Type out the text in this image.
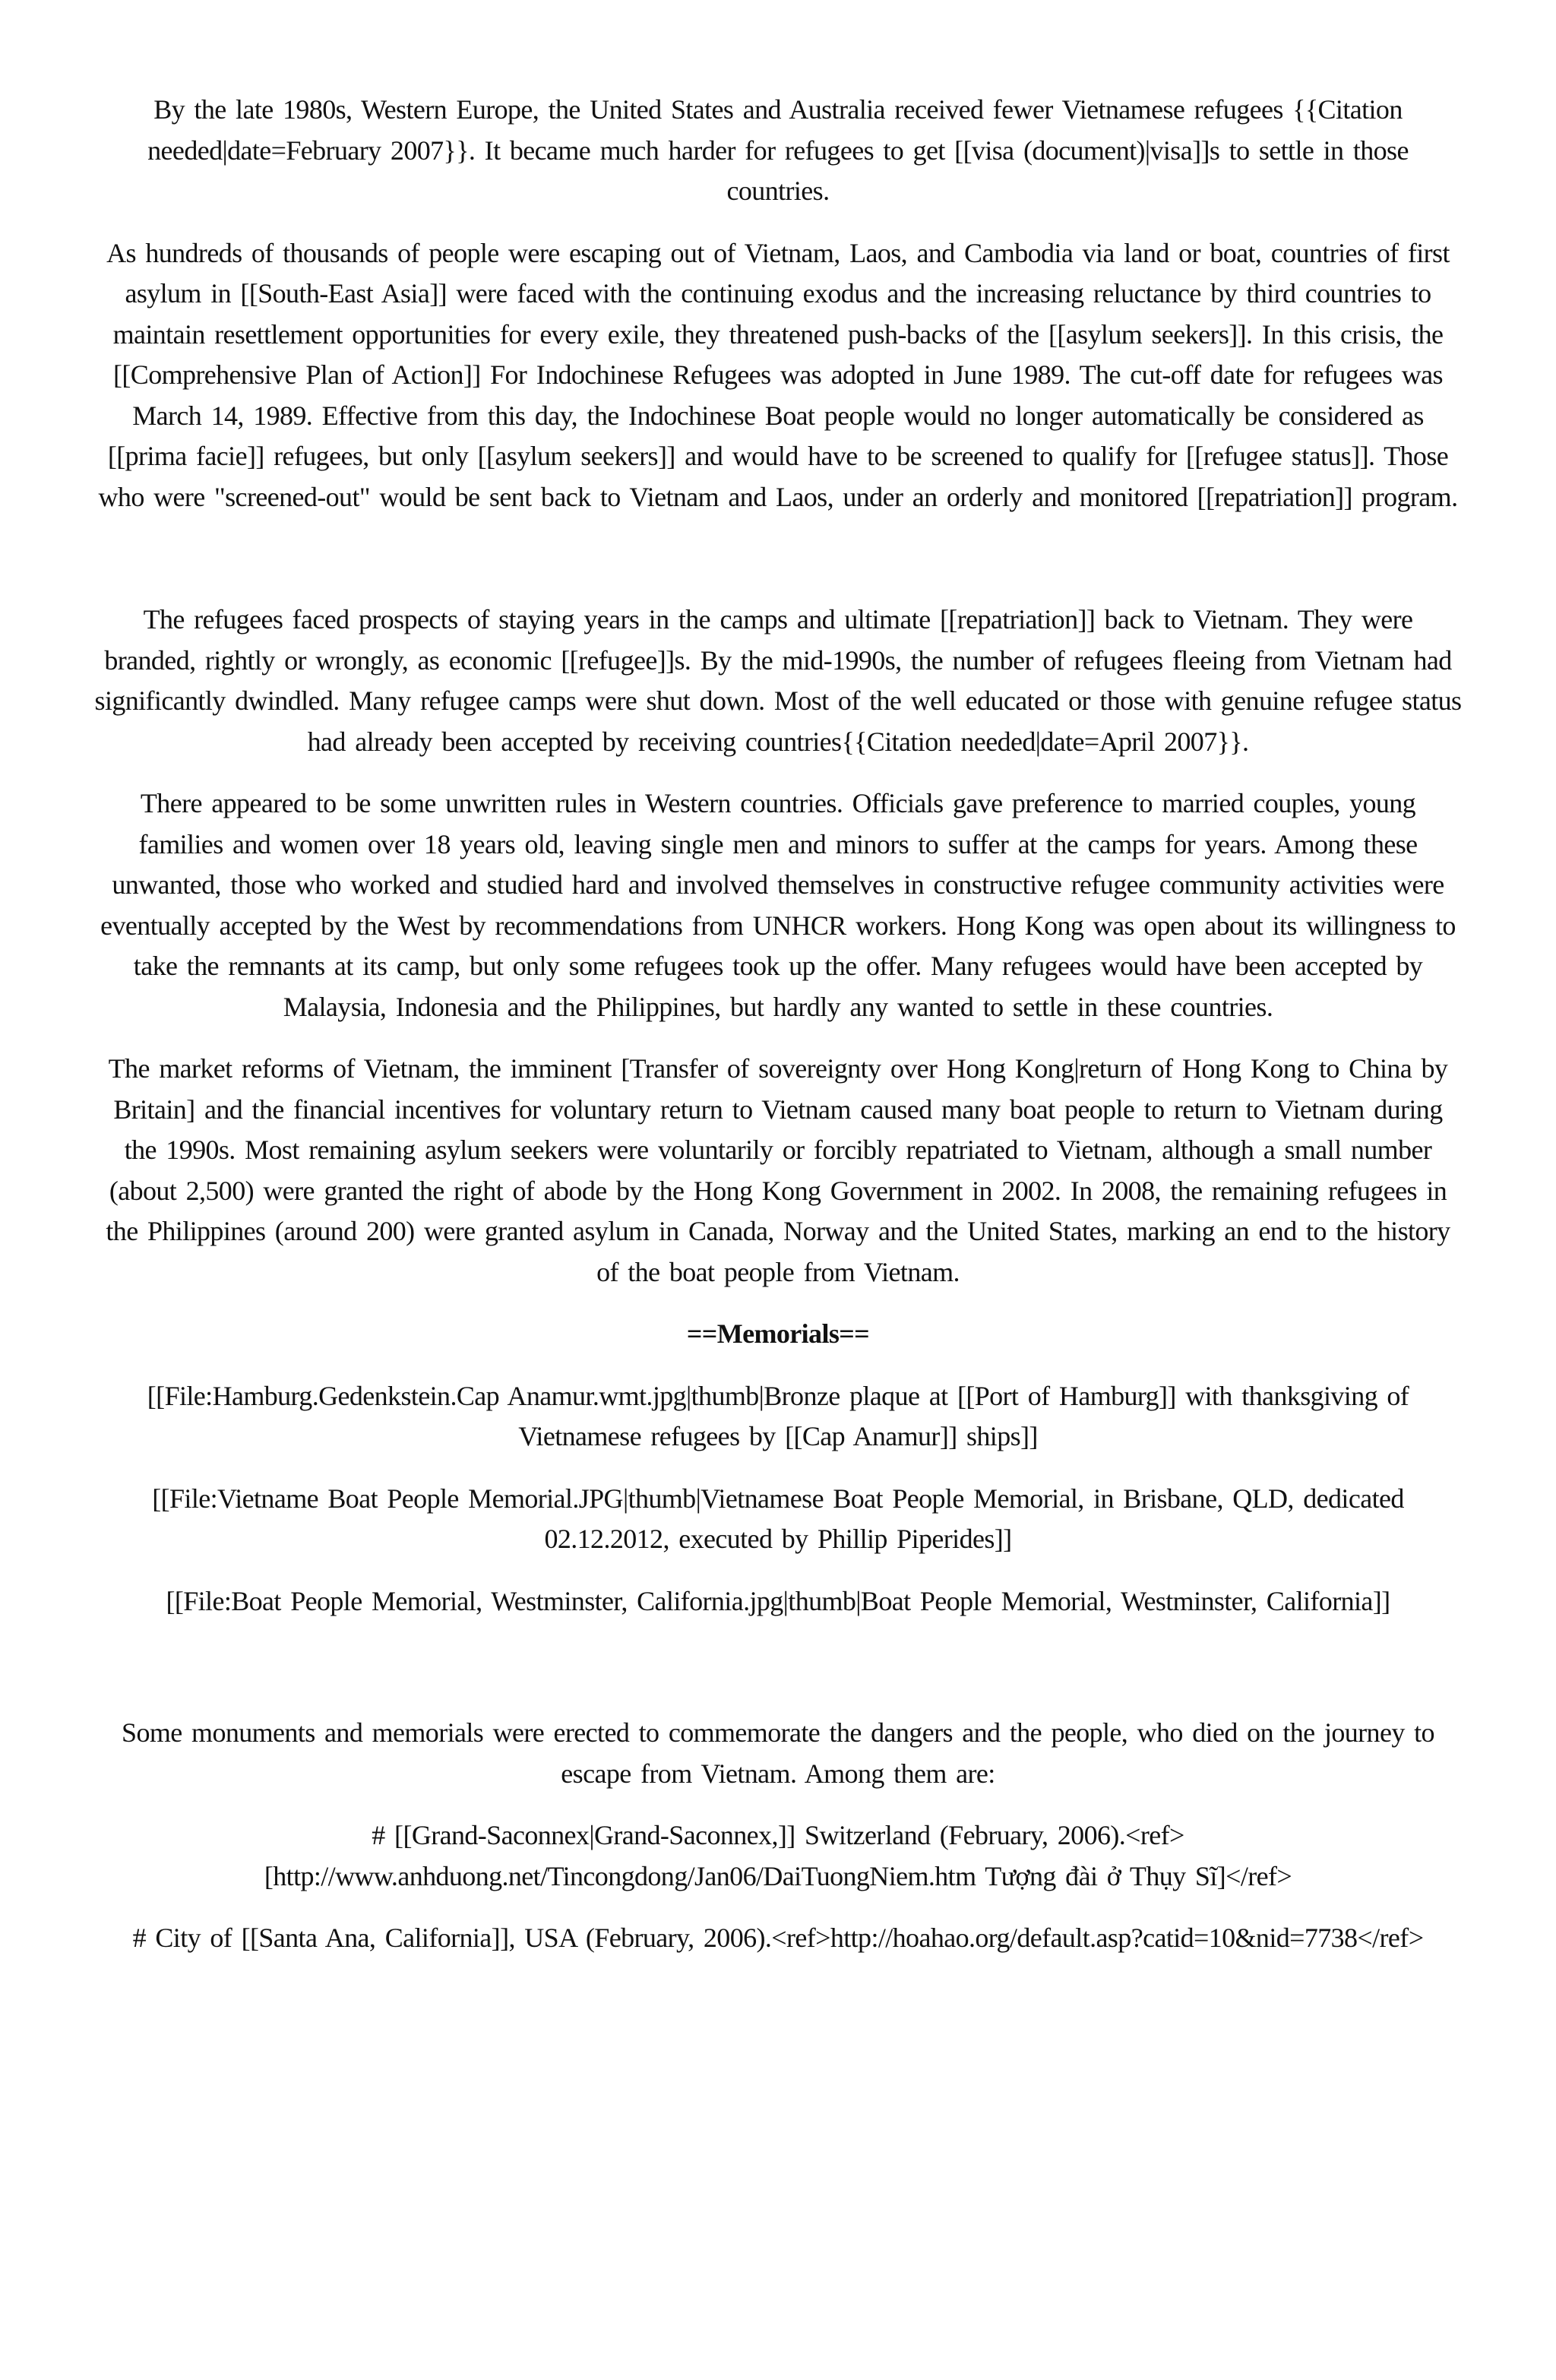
By the late 1980s, Western Europe, the United States and Australia received fewer Vietnamese refugees {{Citation needed|date=February 2007}}. It became much harder for refugees to get [[visa (document)|visa]]s to settle in those countries.

As hundreds of thousands of people were escaping out of Vietnam, Laos, and Cambodia via land or boat, countries of first asylum in [[South-East Asia]] were faced with the continuing exodus and the increasing reluctance by third countries to maintain resettlement opportunities for every exile, they threatened push-backs of the [[asylum seekers]]. In this crisis, the [[Comprehensive Plan of Action]] For Indochinese Refugees was adopted in June 1989. The cut-off date for refugees was March 14, 1989. Effective from this day, the Indochinese Boat people would no longer automatically be considered as [[prima facie]] refugees, but only [[asylum seekers]] and would have to be screened to qualify for [[refugee status]]. Those who were "screened-out" would be sent back to Vietnam and Laos, under an orderly and monitored [[repatriation]] program.

The refugees faced prospects of staying years in the camps and ultimate [[repatriation]] back to Vietnam. They were branded, rightly or wrongly, as economic [[refugee]]s. By the mid-1990s, the number of refugees fleeing from Vietnam had significantly dwindled. Many refugee camps were shut down. Most of the well educated or those with genuine refugee status had already been accepted by receiving countries{{Citation needed|date=April 2007}}.

There appeared to be some unwritten rules in Western countries. Officials gave preference to married couples, young families and women over 18 years old, leaving single men and minors to suffer at the camps for years. Among these unwanted, those who worked and studied hard and involved themselves in constructive refugee community activities were eventually accepted by the West by recommendations from UNHCR workers. Hong Kong was open about its willingness to take the remnants at its camp, but only some refugees took up the offer. Many refugees would have been accepted by Malaysia, Indonesia and the Philippines, but hardly any wanted to settle in these countries.

The market reforms of Vietnam, the imminent [Transfer of sovereignty over Hong Kong|return of Hong Kong to China by Britain] and the financial incentives for voluntary return to Vietnam caused many boat people to return to Vietnam during the 1990s. Most remaining asylum seekers were voluntarily or forcibly repatriated to Vietnam, although a small number (about 2,500) were granted the right of abode by the Hong Kong Government in 2002. In 2008, the remaining refugees in the Philippines (around 200) were granted asylum in Canada, Norway and the United States, marking an end to the history of the boat people from Vietnam.

==Memorials==

[[File:Hamburg.Gedenkstein.Cap Anamur.wmt.jpg|thumb|Bronze plaque at [[Port of Hamburg]] with thanksgiving of Vietnamese refugees by [[Cap Anamur]] ships]]

[[File:Vietname Boat People Memorial.JPG|thumb|Vietnamese Boat People Memorial, in Brisbane, QLD, dedicated 02.12.2012, executed by Phillip Piperides]]

[[File:Boat People Memorial, Westminster, California.jpg|thumb|Boat People Memorial, Westminster, California]]

Some monuments and memorials were erected to commemorate the dangers and the people, who died on the journey to escape from Vietnam. Among them are:

# [[Grand-Saconnex|Grand-Saconnex,]] Switzerland (February, 2006).<ref>[http://www.anhduong.net/Tincongdong/Jan06/DaiTuongNiem.htm Tượng đài ở Thụy Sĩ]</ref>

# City of [[Santa Ana, California]], USA (February, 2006).<ref>http://hoahao.org/default.asp?catid=10&nid=7738</ref>
